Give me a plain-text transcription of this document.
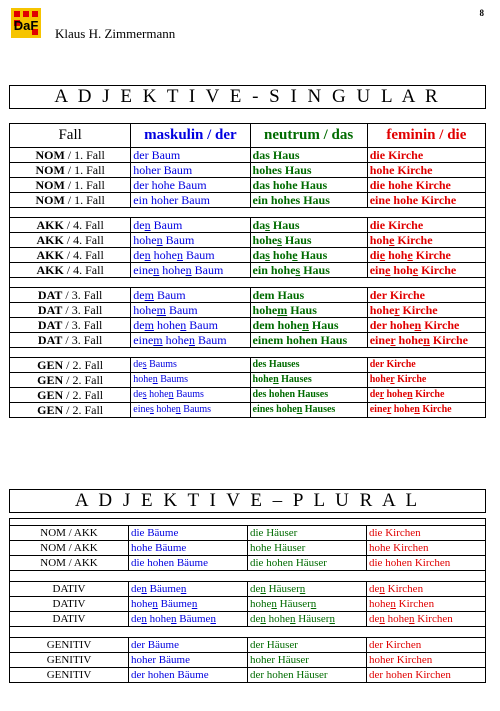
DaF
Klaus H. Zimmermann
8
A D J E K T I V E - S I N G U L A R
Fall	maskulin / der	neutrum / das	feminin / die
NOM / 1. Fall	der Baum	das Haus	die Kirche
NOM / 1. Fall	hoher Baum	hohes Haus	hohe Kirche
NOM / 1. Fall	der hohe Baum	das hohe Haus	die hohe Kirche
NOM / 1. Fall	ein hoher Baum	ein hohes Haus	eine hohe Kirche

AKK / 4. Fall	den Baum	das Haus	die Kirche
AKK / 4. Fall	hohen Baum	hohes Haus	hohe Kirche
AKK / 4. Fall	den hohen Baum	das hohe Haus	die hohe Kirche
AKK / 4. Fall	einen hohen Baum	ein hohes Haus	eine hohe Kirche

DAT / 3. Fall	dem Baum	dem Haus	der Kirche
DAT / 3. Fall	hohem Baum	hohem Haus	hoher Kirche
DAT / 3. Fall	dem hohen Baum	dem hohen Haus	der hohen Kirche
DAT / 3. Fall	einem hohen Baum	einem hohen Haus	einer hohen Kirche

GEN / 2. Fall	des Baums	des Hauses	der Kirche
GEN / 2. Fall	hohen Baums	hohen Hauses	hoher Kirche
GEN / 2. Fall	des hohen Baums	des hohen Hauses	der hohen Kirche
GEN / 2. Fall	eines hohen Baums	eines hohen Hauses	einer hohen Kirche
A D J E K T I V E – P L U R A L

NOM / AKK	die Bäume	die Häuser	die Kirchen
NOM / AKK	hohe Bäume	hohe Häuser	hohe Kirchen
NOM / AKK	die hohen Bäume	die hohen Häuser	die hohen Kirchen

DATIV	den Bäumen	den Häusern	den Kirchen
DATIV	hohen Bäumen	hohen Häusern	hohen Kirchen
DATIV	den hohen Bäumen	den hohen Häusern	den hohen Kirchen

GENITIV	der Bäume	der Häuser	der Kirchen
GENITIV	hoher Bäume	hoher Häuser	hoher Kirchen
GENITIV	der hohen Bäume	der hohen Häuser	der hohen Kirchen
